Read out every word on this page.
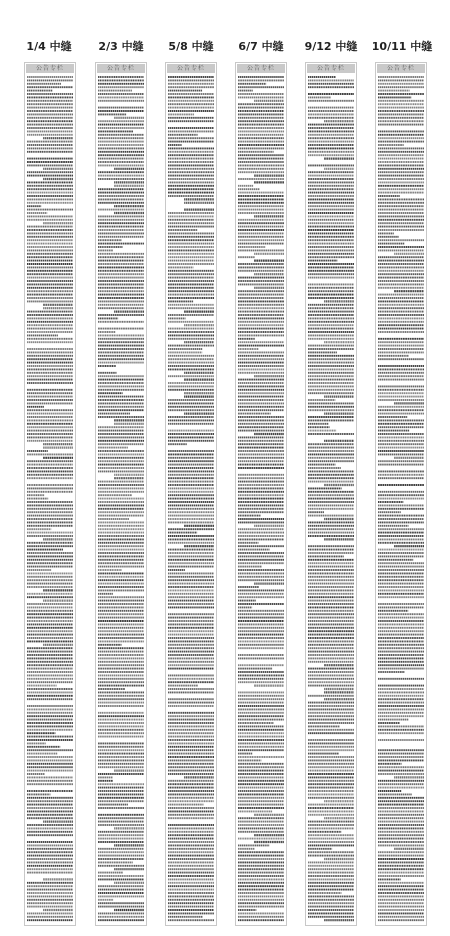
1/4 中缝	2/3 中缝	5/8 中缝	6/7 中缝	9/12 中缝	10/11 中缝
公告专栏	公告专栏	公告专栏	公告专栏	公告专栏	公告专栏
